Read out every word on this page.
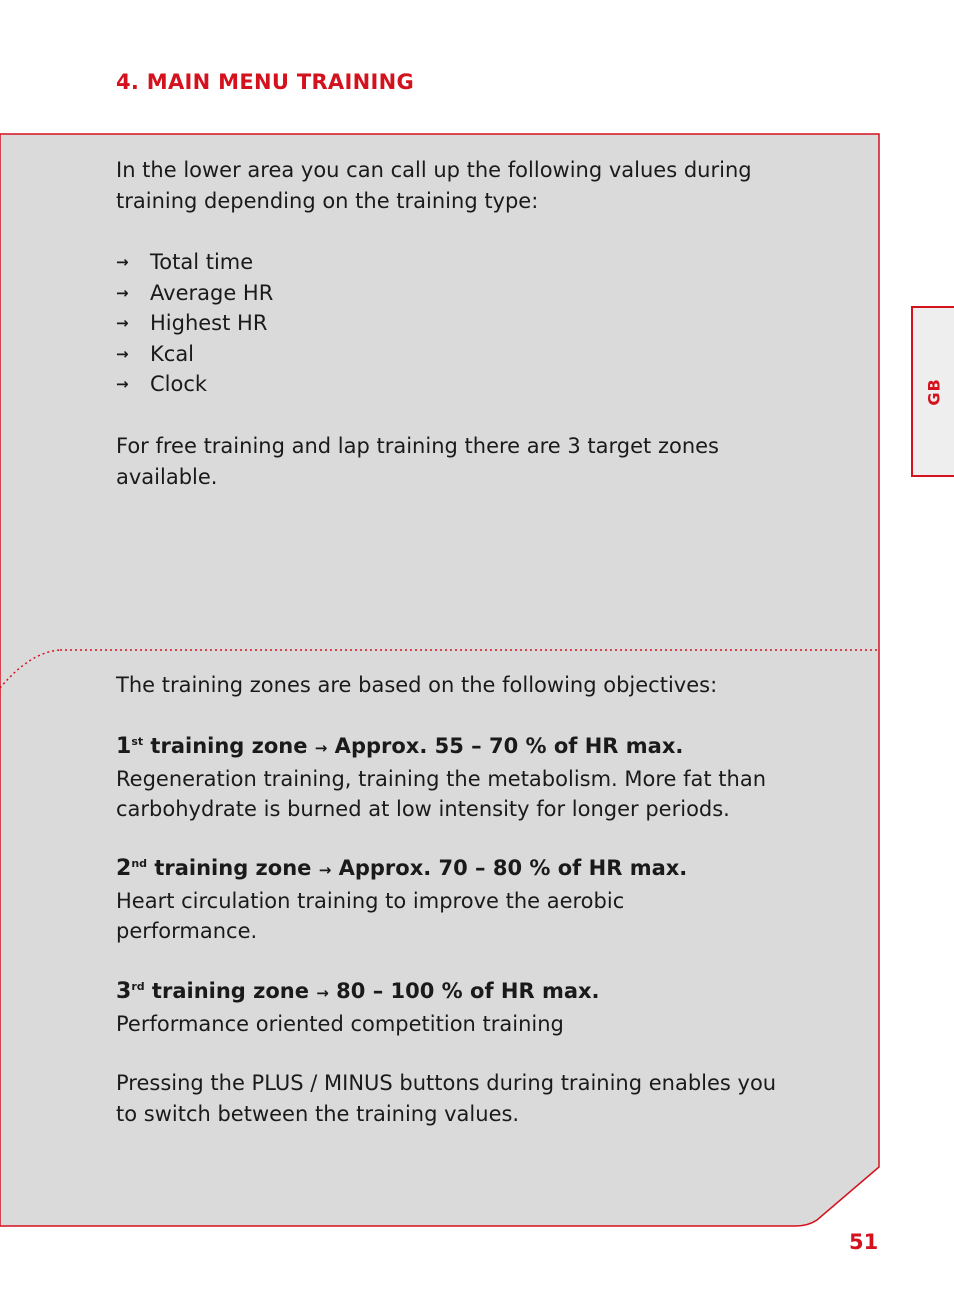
4. MAIN MENU TRAINING

In the lower area you can call up the following values during
training depending on the training type:

→	Total time
→	Average HR
→	Highest HR
→	Kcal
→	Clock

For free training and lap training there are 3 target zones
available.

The training zones are based on the following objectives:

1st training zone → Approx. 55 – 70 % of HR max.
Regeneration training, training the metabolism. More fat than
carbohydrate is burned at low intensity for longer periods.
2nd training zone → Approx. 70 – 80 % of HR max.
Heart circulation training to improve the aerobic
performance.
3rd training zone → 80 – 100 % of HR max.
Performance oriented competition training

Pressing the PLUS / MINUS buttons during training enables you
to switch between the training values.

GB
51
